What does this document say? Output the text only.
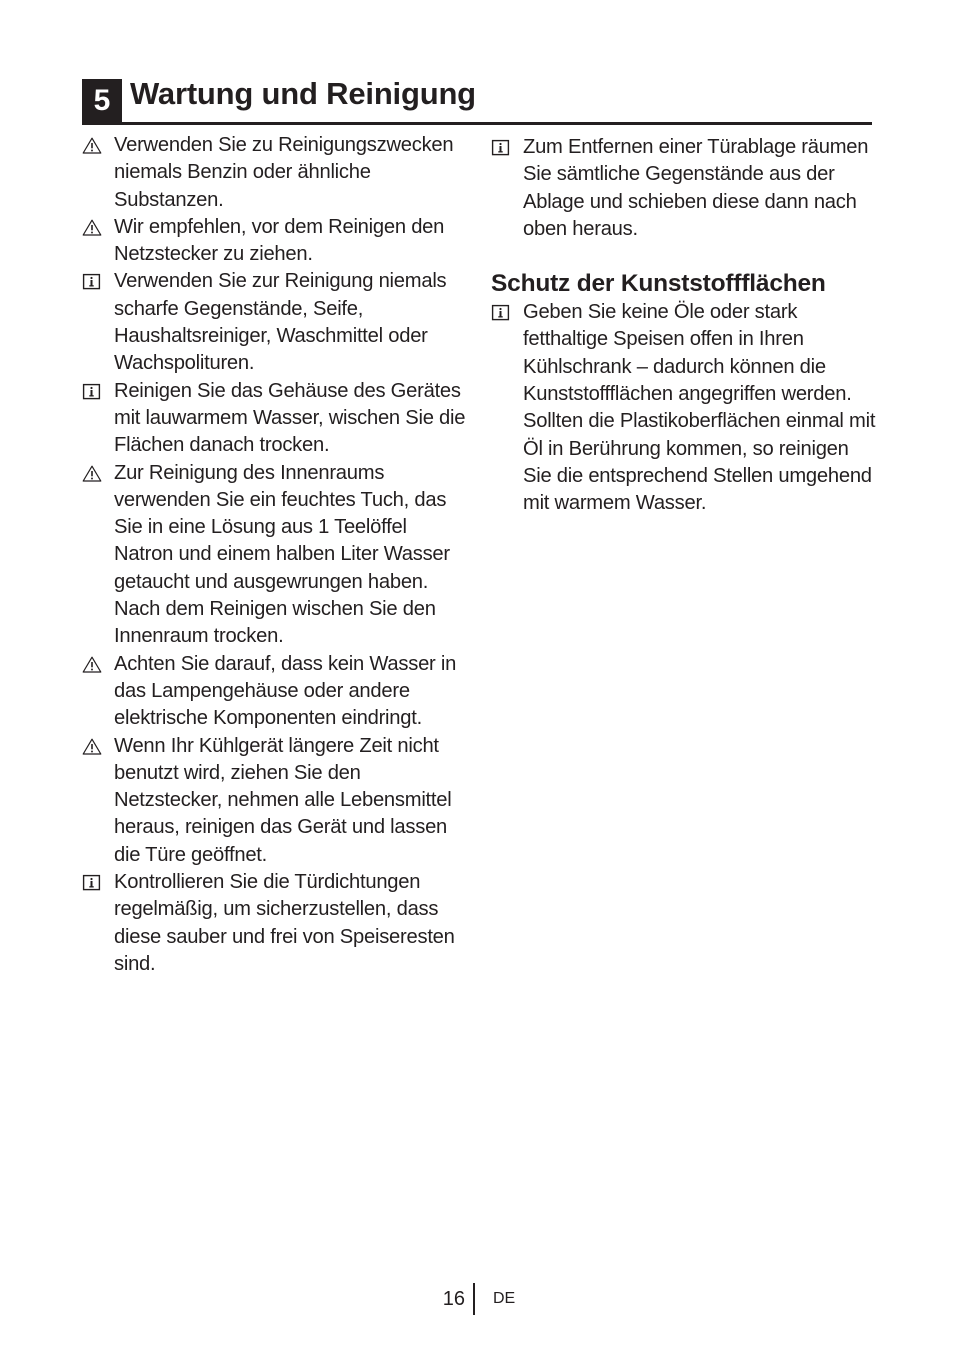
5 Wartung und Reinigung
Verwenden Sie zu Reinigungszwecken niemals Benzin oder ähnliche Substanzen.
Wir empfehlen, vor dem Reinigen den Netzstecker zu ziehen.
Verwenden Sie zur Reinigung niemals scharfe Gegenstände, Seife, Haushaltsreiniger, Waschmittel oder Wachspolituren.
Reinigen Sie das Gehäuse des Gerätes mit lauwarmem Wasser, wischen Sie die Flächen danach trocken.
Zur Reinigung des Innenraums verwenden Sie ein feuchtes Tuch, das Sie in eine Lösung aus 1 Teelöffel Natron und einem halben Liter Wasser getaucht und ausgewrungen haben. Nach dem Reinigen wischen Sie den Innenraum trocken.
Achten Sie darauf, dass kein Wasser in das Lampengehäuse oder andere elektrische Komponenten eindringt.
Wenn Ihr Kühlgerät längere Zeit nicht benutzt wird, ziehen Sie den Netzstecker, nehmen alle Lebensmittel heraus, reinigen das Gerät und lassen die Türe geöffnet.
Kontrollieren Sie die Türdichtungen regelmäßig, um sicherzustellen, dass diese sauber und frei von Speiseresten sind.
Zum Entfernen einer Türablage räumen Sie sämtliche Gegenstände aus der Ablage und schieben diese dann nach oben heraus.
Schutz der Kunststoffflächen
Geben Sie keine Öle oder stark fetthaltige Speisen offen in Ihren Kühlschrank – dadurch können die Kunststoffflächen angegriffen werden. Sollten die Plastikoberflächen einmal mit Öl in Berührung kommen, so reinigen Sie die entsprechend Stellen umgehend mit warmem Wasser.
16 DE
